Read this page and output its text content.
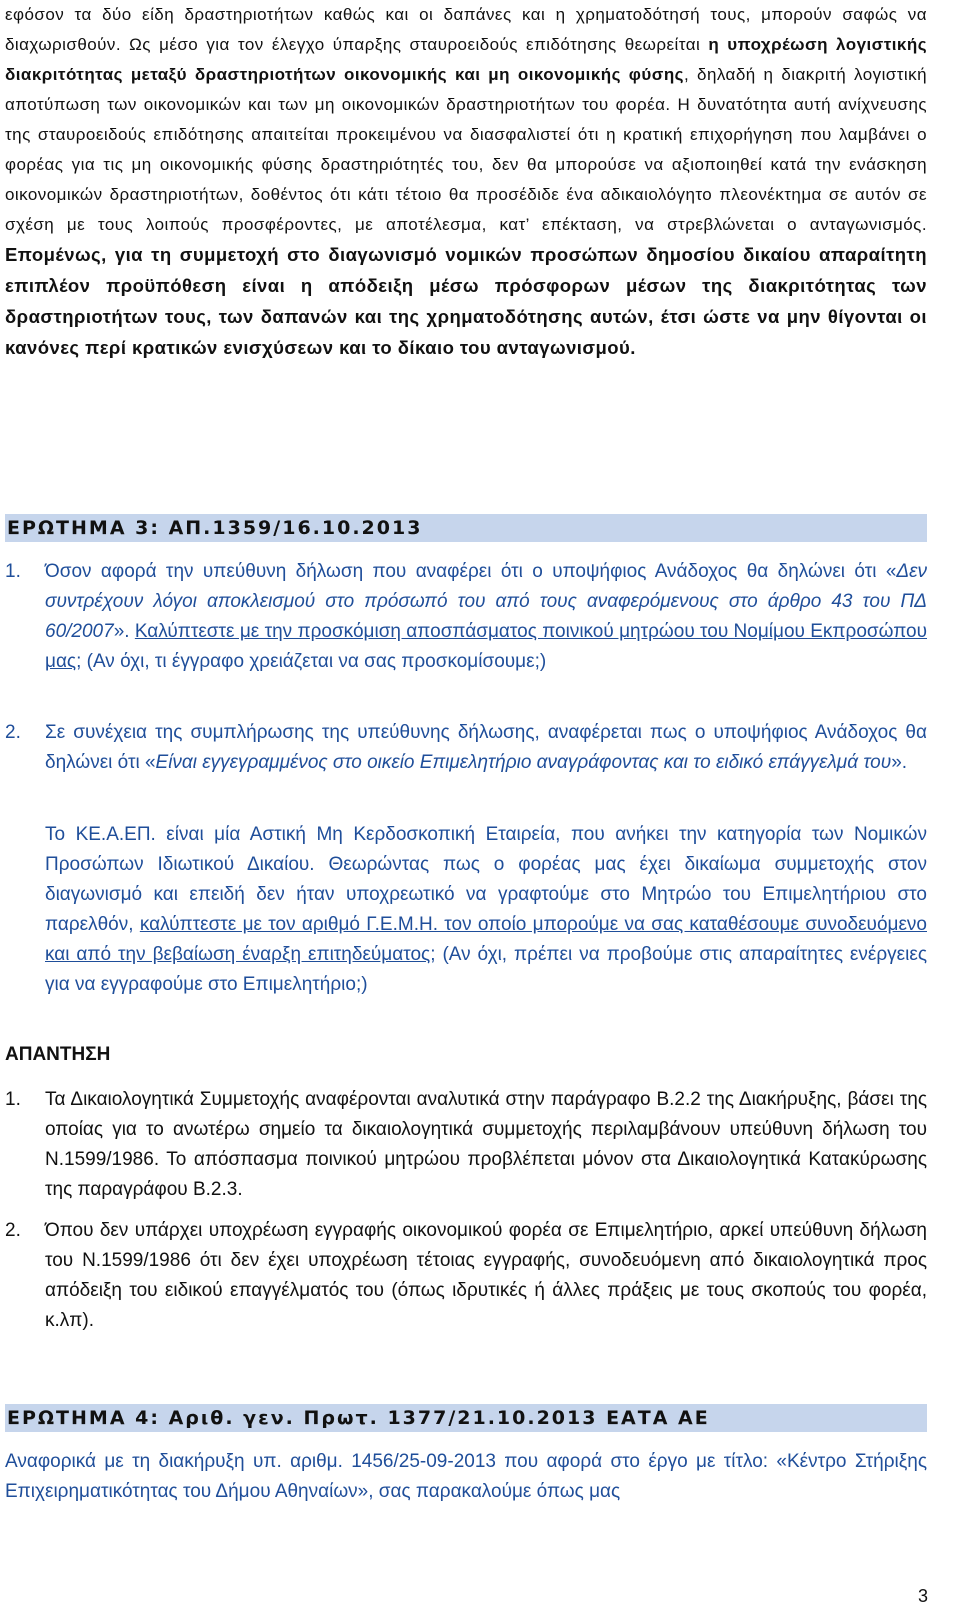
εφόσον τα δύο είδη δραστηριοτήτων καθώς και οι δαπάνες και η χρηματοδότησή τους, μπορούν σαφώς να διαχωρισθούν. Ως μέσο για τον έλεγχο ύπαρξης σταυροειδούς επιδότησης θεωρείται η υποχρέωση λογιστικής διακριτότητας μεταξύ δραστηριοτήτων οικονομικής και μη οικονομικής φύσης, δηλαδή η διακριτή λογιστική αποτύπωση των οικονομικών και των μη οικονομικών δραστηριοτήτων του φορέα. Η δυνατότητα αυτή ανίχνευσης της σταυροειδούς επιδότησης απαιτείται προκειμένου να διασφαλιστεί ότι η κρατική επιχορήγηση που λαμβάνει ο φορέας για τις μη οικονομικής φύσης δραστηριότητές του, δεν θα μπορούσε να αξιοποιηθεί κατά την ενάσκηση οικονομικών δραστηριοτήτων, δοθέντος ότι κάτι τέτοιο θα προσέδιδε ένα αδικαιολόγητο πλεονέκτημα σε αυτόν σε σχέση με τους λοιπούς προσφέροντες, με αποτέλεσμα, κατ’ επέκταση, να στρεβλώνεται ο ανταγωνισμός. Επομένως, για τη συμμετοχή στο διαγωνισμό νομικών προσώπων δημοσίου δικαίου απαραίτητη επιπλέον προϋπόθεση είναι η απόδειξη μέσω πρόσφορων μέσων της διακριτότητας των δραστηριοτήτων τους, των δαπανών και της χρηματοδότησης αυτών, έτσι ώστε να μην θίγονται οι κανόνες περί κρατικών ενισχύσεων και το δίκαιο του ανταγωνισμού.

ΕΡΩΤΗΜΑ 3: ΑΠ.1359/16.10.2013
1.	Όσον αφορά την υπεύθυνη δήλωση που αναφέρει ότι ο υποψήφιος Ανάδοχος θα δηλώνει ότι «Δεν συντρέχουν λόγοι αποκλεισμού στο πρόσωπό του από τους αναφερόμενους στο άρθρο 43 του ΠΔ 60/2007». Καλύπτεστε με την προσκόμιση αποσπάσματος ποινικού μητρώου του Νομίμου Εκπροσώπου μας; (Αν όχι, τι έγγραφο χρειάζεται να σας προσκομίσουμε;)

2.	Σε συνέχεια της συμπλήρωσης της υπεύθυνης δήλωσης, αναφέρεται πως ο υποψήφιος Ανάδοχος θα δηλώνει ότι «Είναι εγγεγραμμένος στο οικείο Επιμελητήριο αναγράφοντας και το ειδικό επάγγελμά του».

Το ΚΕ.Α.ΕΠ. είναι μία Αστική Μη Κερδοσκοπική Εταιρεία, που ανήκει την κατηγορία των Νομικών Προσώπων Ιδιωτικού Δικαίου. Θεωρώντας πως ο φορέας μας έχει δικαίωμα συμμετοχής στον διαγωνισμό και επειδή δεν ήταν υποχρεωτικό να γραφτούμε στο Μητρώο του Επιμελητήριου στο παρελθόν, καλύπτεστε με τον αριθμό Γ.Ε.Μ.Η. τον οποίο μπορούμε να σας καταθέσουμε συνοδευόμενο και από την βεβαίωση έναρξη επιτηδεύματος; (Αν όχι, πρέπει να προβούμε στις απαραίτητες ενέργειες για να εγγραφούμε στο Επιμελητήριο;)

ΑΠΑΝΤΗΣΗ
1.	Τα Δικαιολογητικά Συμμετοχής αναφέρονται αναλυτικά στην παράγραφο Β.2.2 της Διακήρυξης, βάσει της οποίας για το ανωτέρω σημείο τα δικαιολογητικά συμμετοχής περιλαμβάνουν υπεύθυνη δήλωση του Ν.1599/1986. Το απόσπασμα ποινικού μητρώου προβλέπεται μόνον στα Δικαιολογητικά Κατακύρωσης της παραγράφου Β.2.3.

2.	Όπου δεν υπάρχει υποχρέωση εγγραφής οικονομικού φορέα σε Επιμελητήριο, αρκεί υπεύθυνη δήλωση του Ν.1599/1986 ότι δεν έχει υποχρέωση τέτοιας εγγραφής, συνοδευόμενη από δικαιολογητικά προς απόδειξη του ειδικού επαγγέλματός του (όπως ιδρυτικές ή άλλες πράξεις με τους σκοπούς του φορέα, κ.λπ).

ΕΡΩΤΗΜΑ 4: Αριθ. γεν. Πρωτ. 1377/21.10.2013 ΕΑΤΑ ΑΕ

Αναφορικά με τη διακήρυξη υπ. αριθμ. 1456/25-09-2013 που αφορά στο έργο με τίτλο: «Κέντρο Στήριξης Επιχειρηματικότητας του Δήμου Αθηναίων», σας παρακαλούμε όπως μας

3
